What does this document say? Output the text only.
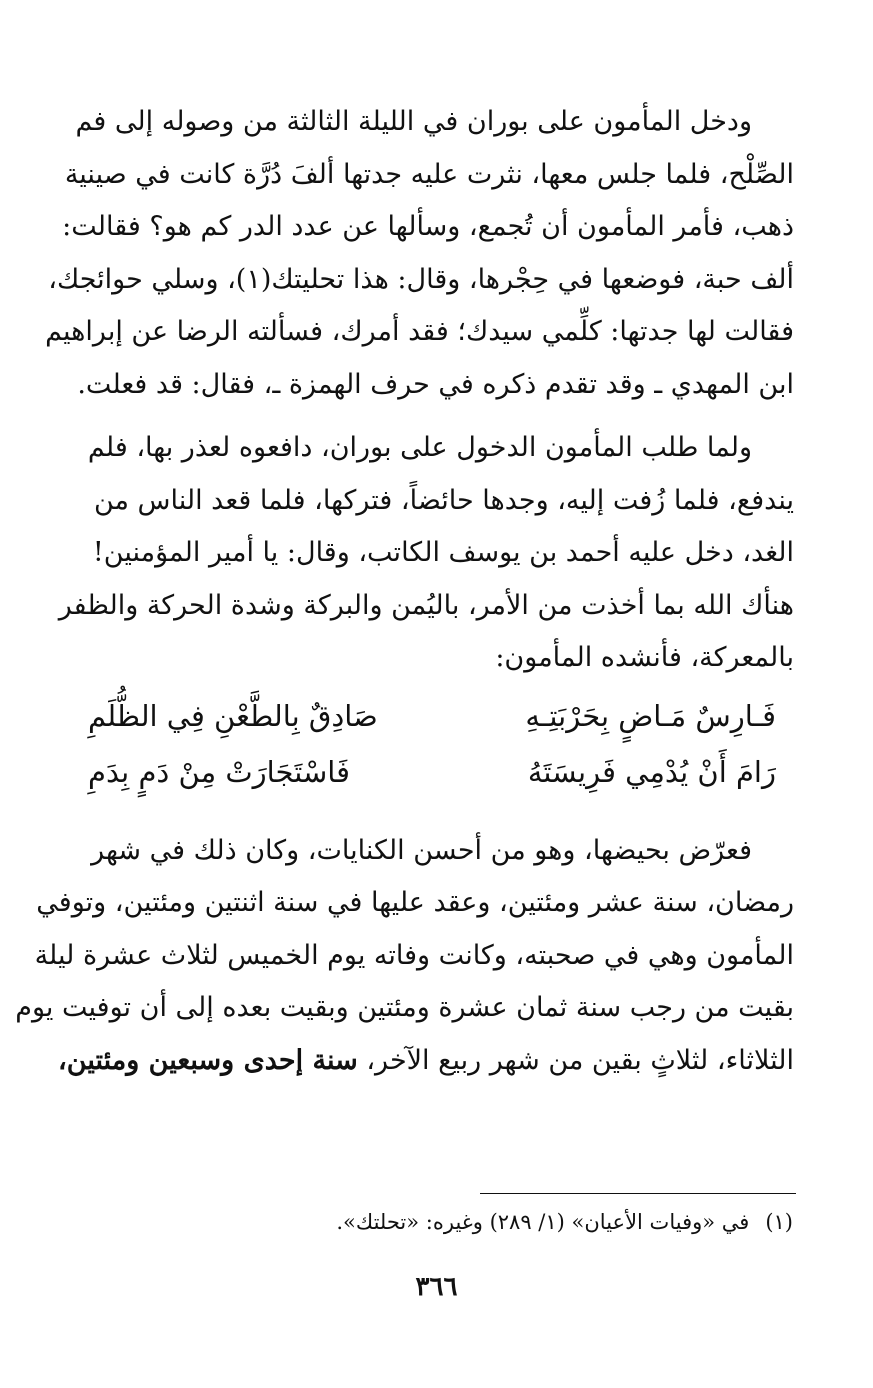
ودخل المأمون على بوران في الليلة الثالثة من وصوله إلى فم
الصِّلْح، فلما جلس معها، نثرت عليه جدتها ألفَ دُرَّة كانت في صينية
ذهب، فأمر المأمون أن تُجمع، وسألها عن عدد الدر كم هو؟ فقالت:
ألف حبة، فوضعها في حِجْرها، وقال: هذا تحليتك(١)، وسلي حوائجك،
فقالت لها جدتها: كلِّمي سيدك؛ فقد أمرك، فسألته الرضا عن إبراهيم
ابن المهدي ـ وقد تقدم ذكره في حرف الهمزة ـ، فقال: قد فعلت.
ولما طلب المأمون الدخول على بوران، دافعوه لعذر بها، فلم
يندفع، فلما زُفت إليه، وجدها حائضاً، فتركها، فلما قعد الناس من
الغد، دخل عليه أحمد بن يوسف الكاتب، وقال: يا أمير المؤمنين!
هنأك الله بما أخذت من الأمر، باليُمن والبركة وشدة الحركة والظفر
بالمعركة، فأنشده المأمون:
فَـارِسٌ مَـاضٍ بِحَرْبَتِـهِ
صَادِقٌ بِالطَّعْنِ فِي الظُّلَمِ
رَامَ أَنْ يُدْمِي فَرِيسَتَهُ
فَاسْتَجَارَتْ مِنْ دَمٍ بِدَمِ
فعرّض بحيضها، وهو من أحسن الكنايات، وكان ذلك في شهر
رمضان، سنة عشر ومئتين، وعقد عليها في سنة اثنتين ومئتين، وتوفي
المأمون وهي في صحبته، وكانت وفاته يوم الخميس لثلاث عشرة ليلة
بقيت من رجب سنة ثمان عشرة ومئتين وبقيت بعده إلى أن توفيت يوم
الثلاثاء، لثلاثٍ بقين من شهر ربيع الآخر، سنة إحدى وسبعين ومئتين،
(١)في «وفيات الأعيان» (١/ ٢٨٩) وغيره: «تحلتك».
٣٦٦
